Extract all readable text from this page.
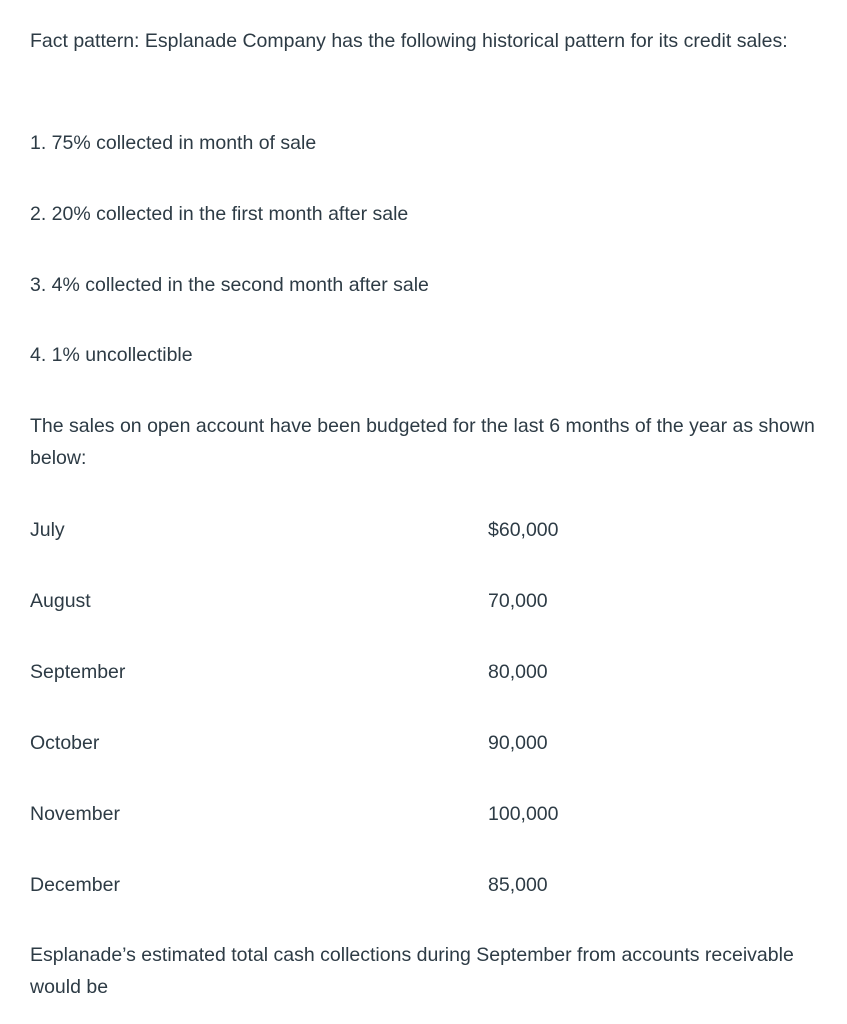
Fact pattern: Esplanade Company has the following historical pattern for its credit sales:

1. 75% collected in month of sale

2. 20% collected in the first month after sale

3. 4% collected in the second month after sale

4. 1% uncollectible

The sales on open account have been budgeted for the last 6 months of the year as shown below:

July	$60,000
August	70,000
September	80,000
October	90,000
November	100,000
December	85,000

Esplanade’s estimated total cash collections during September from accounts receivable would be
